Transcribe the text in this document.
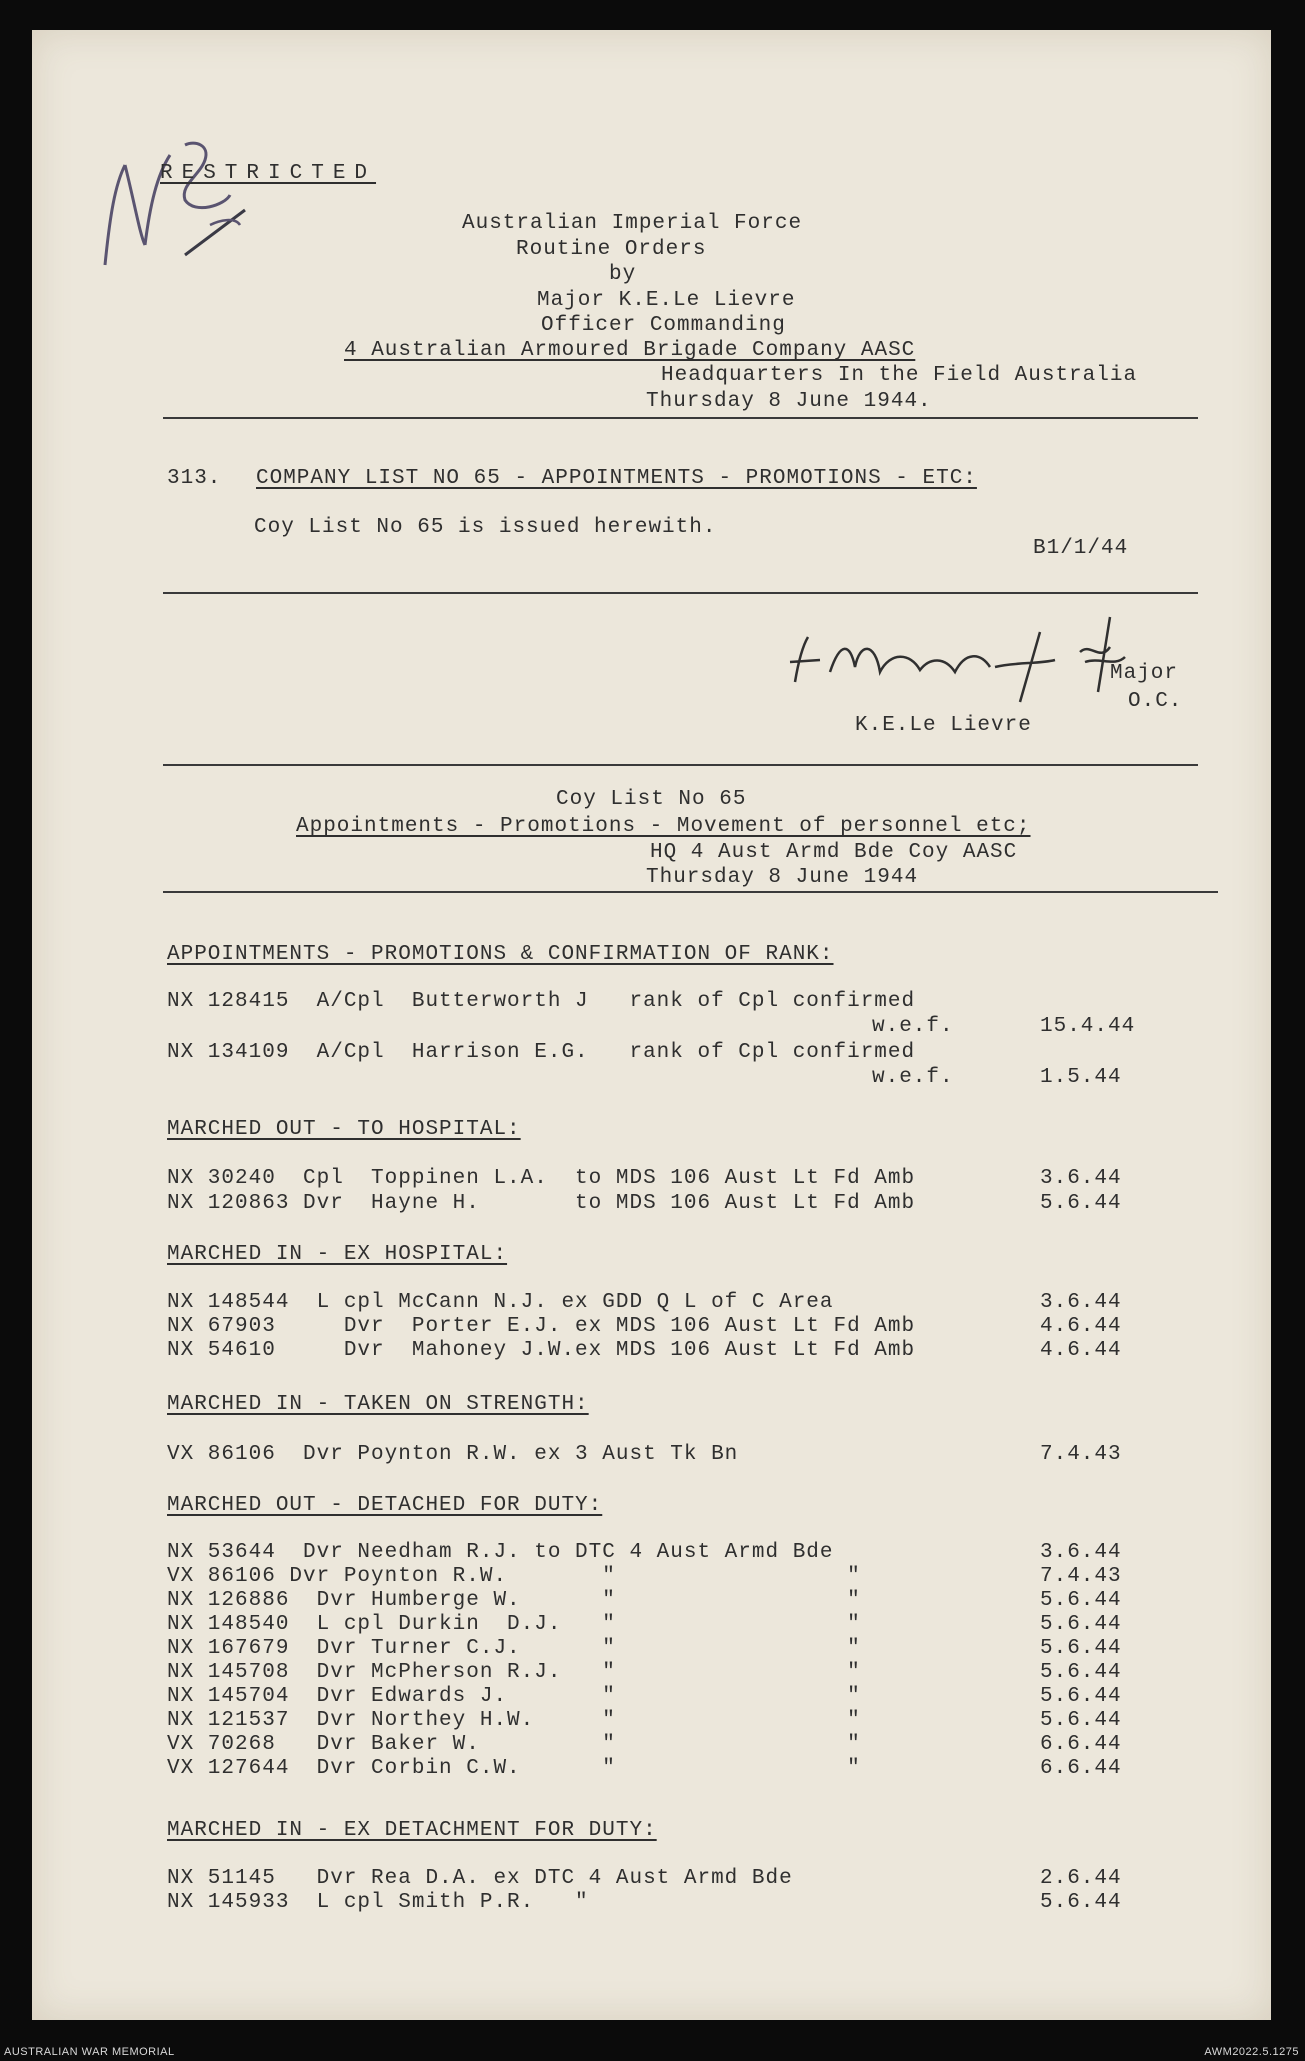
RESTRICTED
Australian Imperial Force
Routine Orders
by
Major K.E.Le Lievre
Officer Commanding
4 Australian Armoured Brigade Company AASC
Headquarters In the Field Australia
Thursday 8 June 1944.
313. COMPANY LIST NO 65 - APPOINTMENTS - PROMOTIONS - ETC:
Coy List No 65 is issued herewith.
B1/1/44
Major
O.C.
K.E.Le Lievre
Coy List No 65
Appointments - Promotions - Movement of personnel etc;
HQ 4 Aust Armd Bde Coy AASC
Thursday 8 June 1944
APPOINTMENTS - PROMOTIONS & CONFIRMATION OF RANK:
NX 128415  A/Cpl  Butterworth J   rank of Cpl confirmed
w.e.f.	15.4.44
NX 134109  A/Cpl  Harrison E.G.   rank of Cpl confirmed
w.e.f.	1.5.44
MARCHED OUT - TO HOSPITAL:
NX 30240  Cpl  Toppinen L.A.  to MDS 106 Aust Lt Fd Amb	3.6.44
NX 120863 Dvr  Hayne H.       to MDS 106 Aust Lt Fd Amb	5.6.44
MARCHED IN - EX HOSPITAL:
NX 148544  L cpl McCann N.J. ex GDD Q L of C Area	3.6.44
NX 67903     Dvr  Porter E.J. ex MDS 106 Aust Lt Fd Amb	4.6.44
NX 54610     Dvr  Mahoney J.W.ex MDS 106 Aust Lt Fd Amb	4.6.44
MARCHED IN - TAKEN ON STRENGTH:
VX 86106  Dvr Poynton R.W. ex 3 Aust Tk Bn	7.4.43
MARCHED OUT - DETACHED FOR DUTY:
NX 53644  Dvr Needham R.J. to DTC 4 Aust Armd Bde	3.6.44
VX 86106 Dvr Poynton R.W.       "                 "	7.4.43
NX 126886  Dvr Humberge W.      "                 "	5.6.44
NX 148540  L cpl Durkin  D.J.   "                 "	5.6.44
NX 167679  Dvr Turner C.J.      "                 "	5.6.44
NX 145708  Dvr McPherson R.J.   "                 "	5.6.44
NX 145704  Dvr Edwards J.       "                 "	5.6.44
NX 121537  Dvr Northey H.W.     "                 "	5.6.44
VX 70268   Dvr Baker W.         "                 "	6.6.44
VX 127644  Dvr Corbin C.W.      "                 "	6.6.44
MARCHED IN - EX DETACHMENT FOR DUTY:
NX 51145   Dvr Rea D.A. ex DTC 4 Aust Armd Bde	2.6.44
NX 145933  L cpl Smith P.R.   "	5.6.44
AUSTRALIAN WAR MEMORIAL	AWM2022.5.1275
